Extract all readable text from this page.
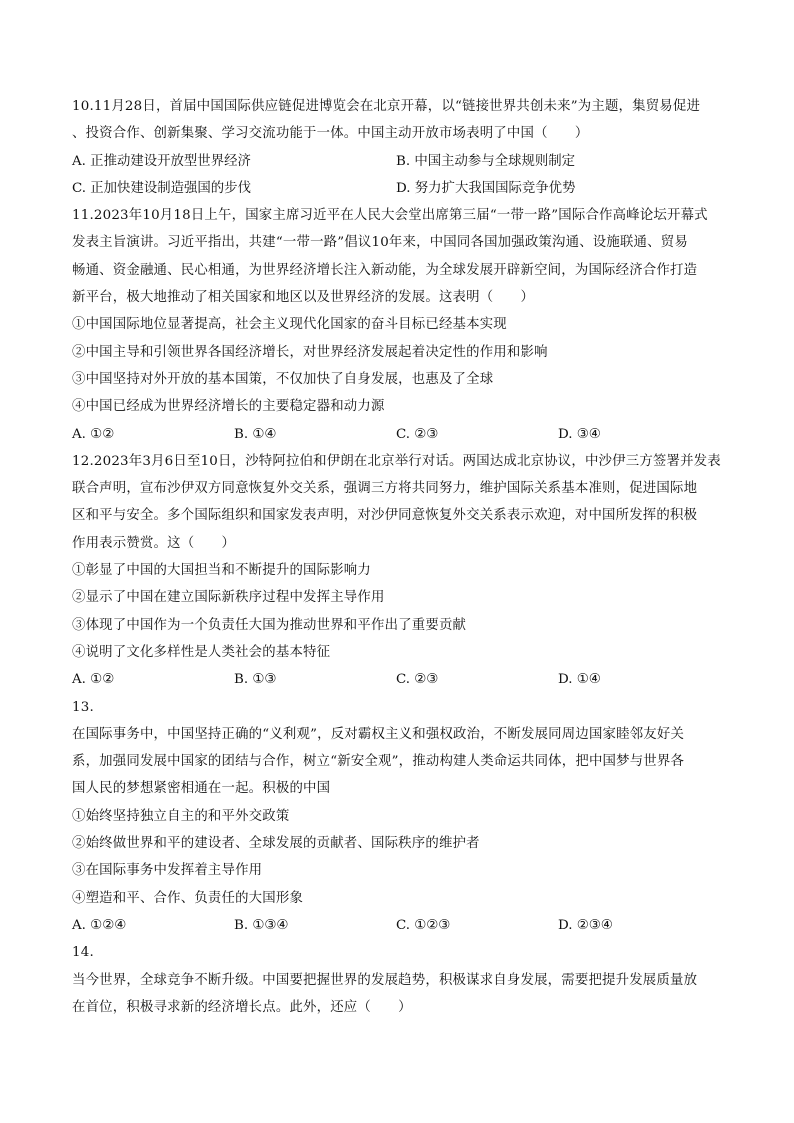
10.11月28日，首届中国国际供应链促进博览会在北京开幕，以“链接世界共创未来”为主题，集贸易促进
、投资合作、创新集聚、学习交流功能于一体。中国主动开放市场表明了中国（　　）
A. 正推动建设开放型世界经济	B. 中国主动参与全球规则制定
C. 正加快建设制造强国的步伐	D. 努力扩大我国国际竞争优势
11.2023年10月18日上午，国家主席习近平在人民大会堂出席第三届“一带一路”国际合作高峰论坛开幕式
发表主旨演讲。习近平指出，共建“一带一路”倡议10年来，中国同各国加强政策沟通、设施联通、贸易
畅通、资金融通、民心相通，为世界经济增长注入新动能，为全球发展开辟新空间，为国际经济合作打造
新平台，极大地推动了相关国家和地区以及世界经济的发展。这表明（　　）
①中国国际地位显著提高，社会主义现代化国家的奋斗目标已经基本实现
②中国主导和引领世界各国经济增长，对世界经济发展起着决定性的作用和影响
③中国坚持对外开放的基本国策，不仅加快了自身发展，也惠及了全球
④中国已经成为世界经济增长的主要稳定器和动力源
A. ①②	B. ①④	C. ②③	D. ③④
12.2023年3月6日至10日，沙特阿拉伯和伊朗在北京举行对话。两国达成北京协议，中沙伊三方签署并发表
联合声明，宣布沙伊双方同意恢复外交关系，强调三方将共同努力，维护国际关系基本准则，促进国际地
区和平与安全。多个国际组织和国家发表声明，对沙伊同意恢复外交关系表示欢迎，对中国所发挥的积极
作用表示赞赏。这（　　）
①彰显了中国的大国担当和不断提升的国际影响力
②显示了中国在建立国际新秩序过程中发挥主导作用
③体现了中国作为一个负责任大国为推动世界和平作出了重要贡献
④说明了文化多样性是人类社会的基本特征
A. ①②	B. ①③	C. ②③	D. ①④
13.
在国际事务中，中国坚持正确的“义利观”，反对霸权主义和强权政治，不断发展同周边国家睦邻友好关
系，加强同发展中国家的团结与合作，树立“新安全观”，推动构建人类命运共同体，把中国梦与世界各
国人民的梦想紧密相通在一起。积极的中国
①始终坚持独立自主的和平外交政策
②始终做世界和平的建设者、全球发展的贡献者、国际秩序的维护者
③在国际事务中发挥着主导作用
④塑造和平、合作、负责任的大国形象
A. ①②④	B. ①③④	C. ①②③	D. ②③④
14.
当今世界，全球竞争不断升级。中国要把握世界的发展趋势，积极谋求自身发展，需要把提升发展质量放
在首位，积极寻求新的经济增长点。此外，还应（　　）
